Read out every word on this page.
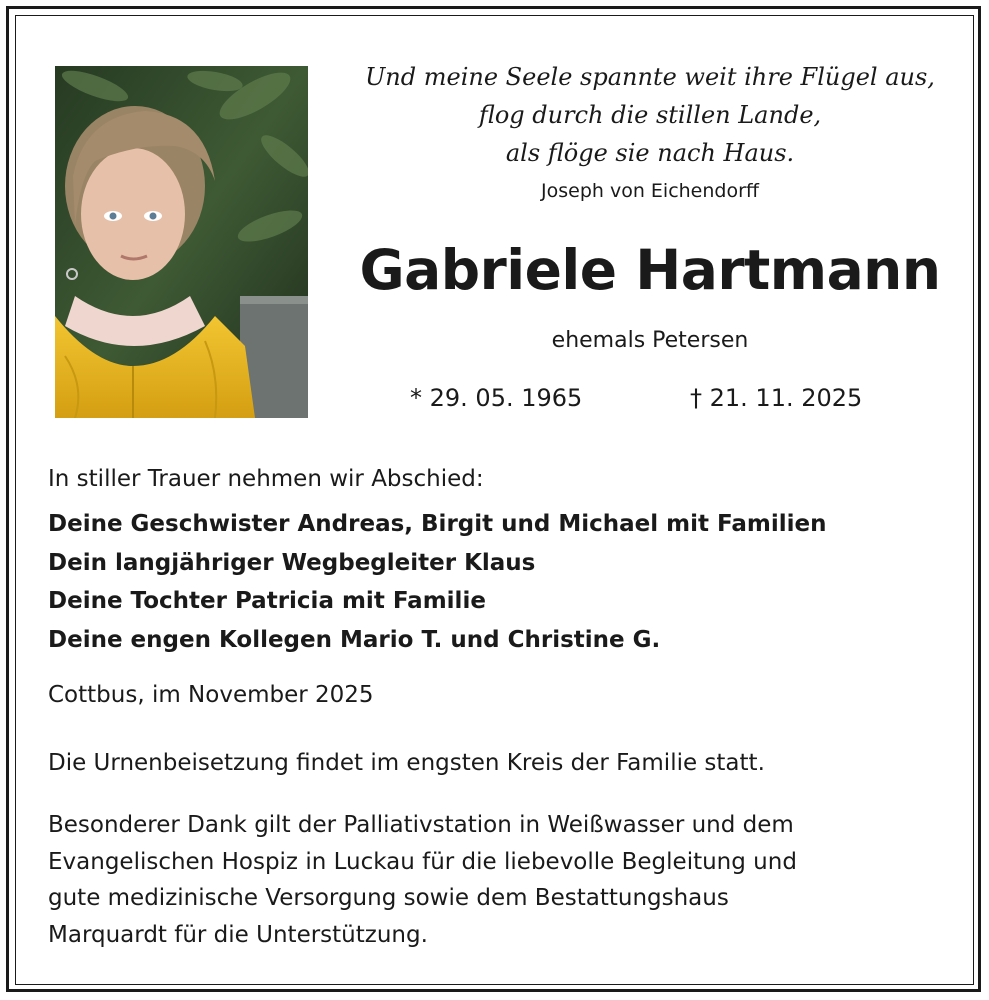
Und meine Seele spannte weit ihre Flügel aus,
flog durch die stillen Lande,
als flöge sie nach Haus.
Joseph von Eichendorff
Gabriele Hartmann
ehemals Petersen
* 29. 05. 1965	† 21. 11. 2025
In stiller Trauer nehmen wir Abschied:
Deine Geschwister Andreas, Birgit und Michael mit Familien
Dein langjähriger Wegbegleiter Klaus
Deine Tochter Patricia mit Familie
Deine engen Kollegen Mario T. und Christine G.
Cottbus, im November 2025
Die Urnenbeisetzung findet im engsten Kreis der Familie statt.
Besonderer Dank gilt der Palliativstation in Weißwasser und dem
Evangelischen Hospiz in Luckau für die liebevolle Begleitung und
gute medizinische Versorgung sowie dem Bestattungshaus
Marquardt für die Unterstützung.
